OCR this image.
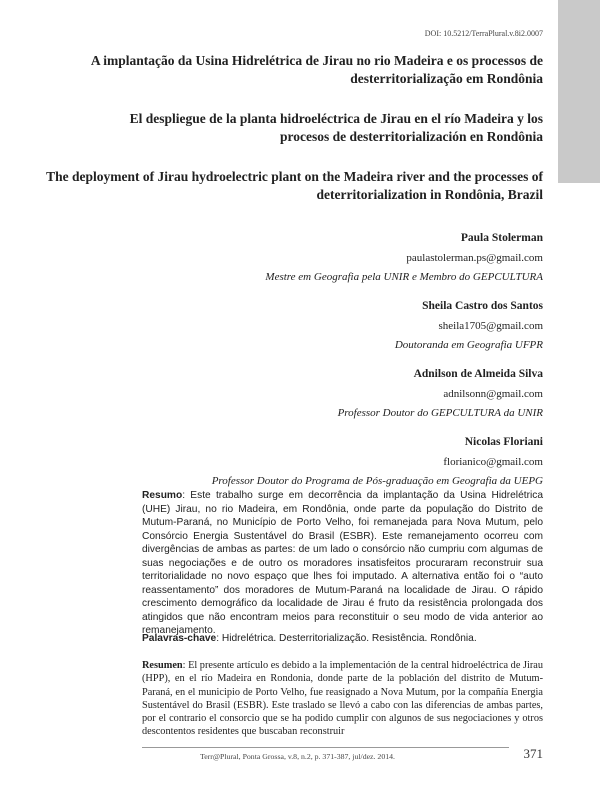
DOI: 10.5212/TerraPlural.v.8i2.0007
A implantação da Usina Hidrelétrica de Jirau no rio Madeira e os processos de desterritorialização em Rondônia
El despliegue de la planta hidroeléctrica de Jirau en el río Madeira y los procesos de desterritorialización en Rondônia
The deployment of Jirau hydroelectric plant on the Madeira river and the processes of deterritorialization in Rondônia, Brazil
Paula Stolerman
paulastolerman.ps@gmail.com
Mestre em Geografia pela UNIR e Membro do GEPCULTURA
Sheila Castro dos Santos
sheila1705@gmail.com
Doutoranda em Geografia UFPR
Adnilson de Almeida Silva
adnilsonn@gmail.com
Professor Doutor do GEPCULTURA da UNIR
Nicolas Floriani
florianico@gmail.com
Professor Doutor do Programa de Pós-graduação em Geografia da UEPG
Resumo: Este trabalho surge em decorrência da implantação da Usina Hidrelétrica (UHE) Jirau, no rio Madeira, em Rondônia, onde parte da população do Distrito de Mutum-Paraná, no Município de Porto Velho, foi remanejada para Nova Mutum, pelo Consórcio Energia Sustentável do Brasil (ESBR). Este remanejamento ocorreu com divergências de ambas as partes: de um lado o consórcio não cumpriu com algumas de suas negociações e de outro os moradores insatisfeitos procuraram reconstruir sua territorialidade no novo espaço que lhes foi imputado. A alternativa então foi o “auto reassentamento” dos moradores de Mutum-Paraná na localidade de Jirau. O rápido crescimento demográfico da localidade de Jirau é fruto da resistência prolongada dos atingidos que não encontram meios para reconstituir o seu modo de vida anterior ao remanejamento.
Palavras-chave: Hidrelétrica. Desterritorialização. Resistência. Rondônia.
Resumen: El presente artículo es debido a la implementación de la central hidroeléctrica de Jirau (HPP), en el río Madeira en Rondonia, donde parte de la población del distrito de Mutum-Paraná, en el municipio de Porto Velho, fue reasignado a Nova Mutum, por la compañía Energia Sustentável do Brasil (ESBR). Este traslado se llevó a cabo con las diferencias de ambas partes, por el contrario el consorcio que se ha podido cumplir con algunos de sus negociaciones y otros descontentos residentes que buscaban reconstruir
Terr@Plural, Ponta Grossa, v.8, n.2, p. 371-387, jul/dez. 2014.	371
